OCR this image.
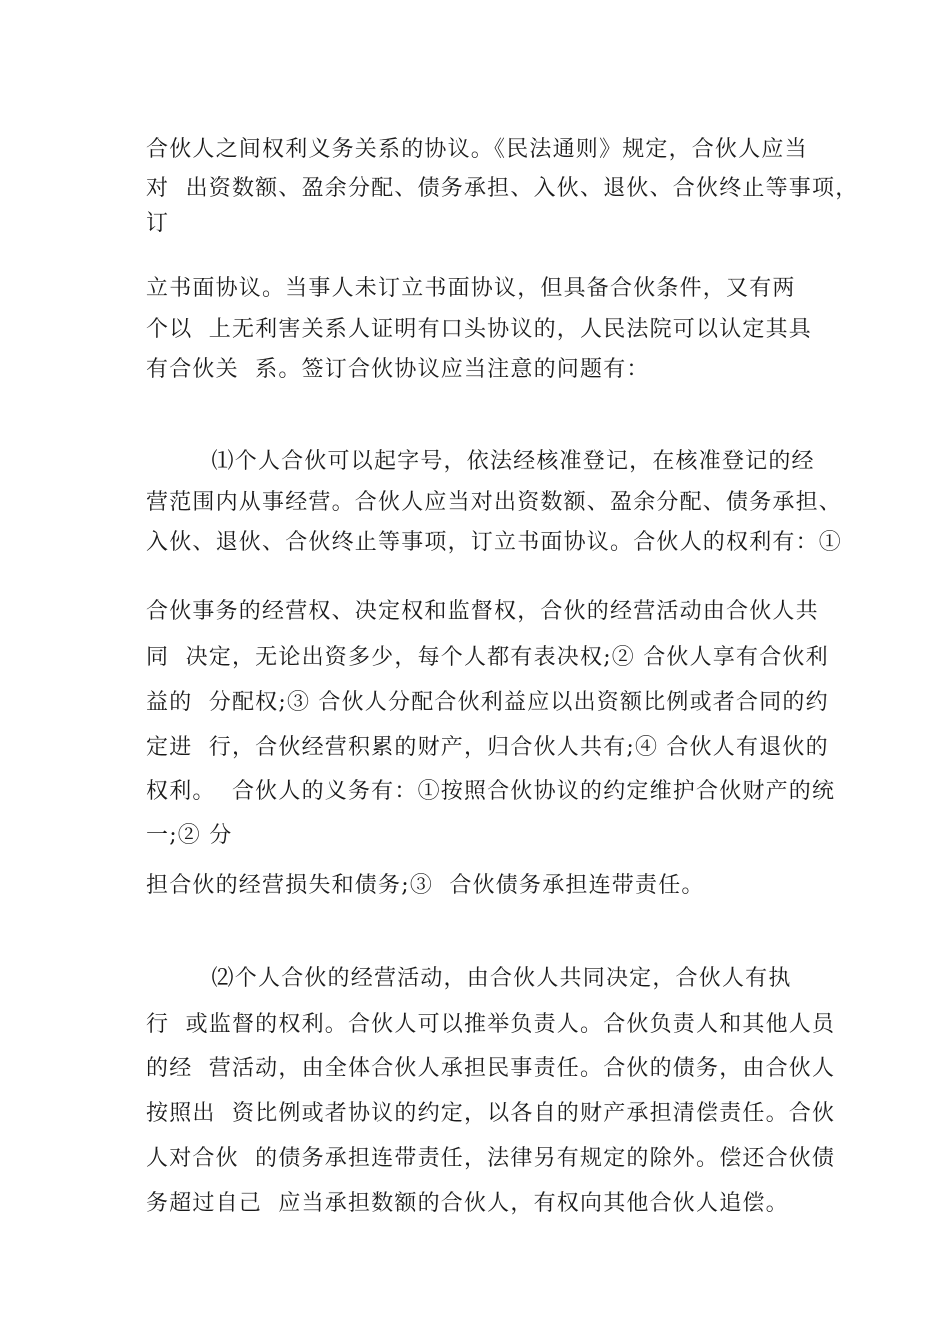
合伙人之间权利义务关系的协议。《民法通则》规定，合伙人应当
对  出资数额、盈余分配、债务承担、入伙、退伙、合伙终止等事项，
订
立书面协议。当事人未订立书面协议，但具备合伙条件，又有两
个以  上无利害关系人证明有口头协议的，人民法院可以认定其具
有合伙关  系。签订合伙协议应当注意的问题有：
⑴个人合伙可以起字号，依法经核准登记，在核准登记的经
营范围内从事经营。合伙人应当对出资数额、盈余分配、债务承担、
入伙、退伙、合伙终止等事项，订立书面协议。合伙人的权利有：①
合伙事务的经营权、决定权和监督权，合伙的经营活动由合伙人共
同  决定，无论出资多少，每个人都有表决权;② 合伙人享有合伙利
益的  分配权;③ 合伙人分配合伙利益应以出资额比例或者合同的约
定进  行，合伙经营积累的财产，归合伙人共有;④ 合伙人有退伙的
权利。  合伙人的义务有：①按照合伙协议的约定维护合伙财产的统
一;② 分
担合伙的经营损失和债务;③  合伙债务承担连带责任。
⑵个人合伙的经营活动，由合伙人共同决定，合伙人有执
行  或监督的权利。合伙人可以推举负责人。合伙负责人和其他人员
的经  营活动，由全体合伙人承担民事责任。合伙的债务，由合伙人
按照出  资比例或者协议的约定，以各自的财产承担清偿责任。合伙
人对合伙  的债务承担连带责任，法律另有规定的除外。偿还合伙债
务超过自己  应当承担数额的合伙人，有权向其他合伙人追偿。
